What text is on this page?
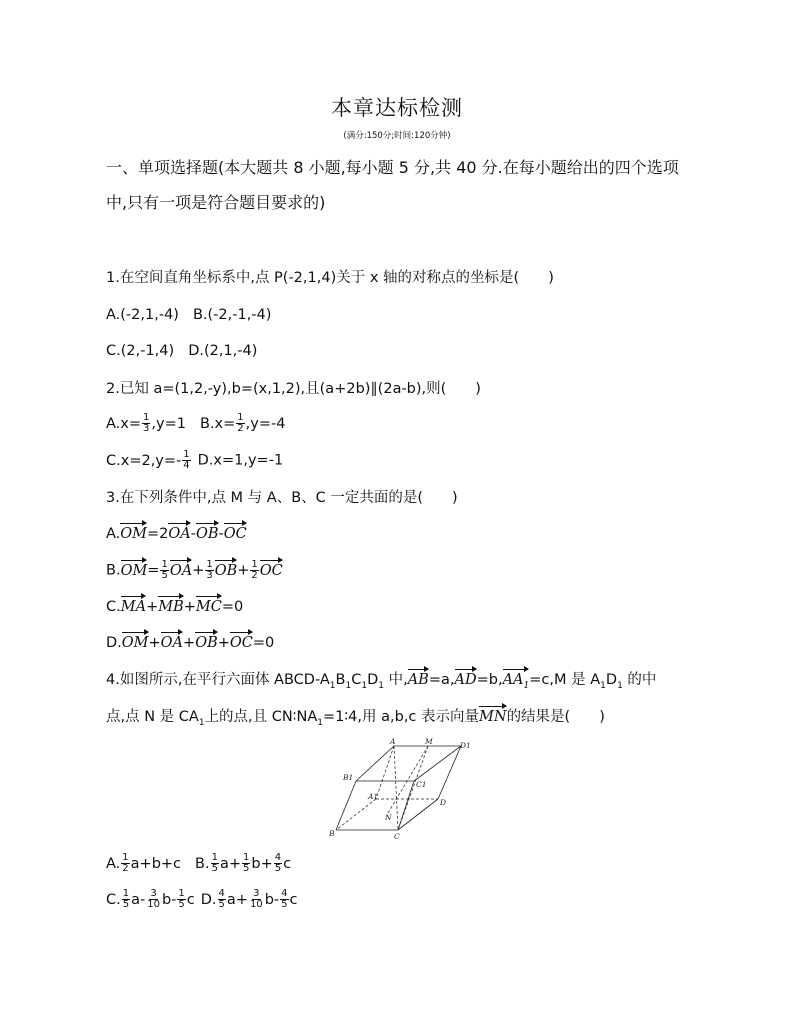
本章达标检测
(满分:150分;时间:120分钟)
一、单项选择题(本大题共 8 小题,每小题 5 分,共 40 分.在每小题给出的四个选项
中,只有一项是符合题目要求的)
1.在空间直角坐标系中,点 P(-2,1,4)关于 x 轴的对称点的坐标是(　　)
A.(-2,1,-4) B.(-2,-1,-4)
C.(2,-1,4) D.(2,1,-4)
2.已知 a=(1,2,-y),b=(x,1,2),且(a+2b)∥(2a-b),则(　　)
$A.x= \frac{1}{3} ,y=1$ $B.x= \frac{1}{2} ,y=-4$
$C.x=2,y=- \frac{1}{4} D.x=1,y=-1$
3.在下列条件中,点 M 与 A、B、C 一定共面的是(　　)
A.OM=2OA-OB-OC
$B.OM= \frac{1}{5} OA+ \frac{1}{3} OB+ \frac{1}{2}$ OC
C.MA+MB+MC=0
D.OM+OA+OB+OC=0
4.如图所示,在平行六面体 ABCD-$A_1B_1C_1D_1$ 中$,AB=a,AD=b,AA_1=c,M$ 是 $A_1D_1$ 的中
点,点 N 是 $CA_1$上的点,且 $CN∶NA_1=1∶4$,用 a,b,c 表示向量MN的结果是(　　)
A	M	D1
B1
C1
A1
D
N
B	C
A. $\frac{1}{2} a+b+c$ B. $\frac{1}{5} a+ \frac{1}{5} b+ \frac{4}{5}$ c
C. $\frac{1}{5} a- \frac{3}{10} b- \frac{1}{5}$ c D. $\frac{4}{5} a+ \frac{3}{10} b- \frac{4}{5}$ c
